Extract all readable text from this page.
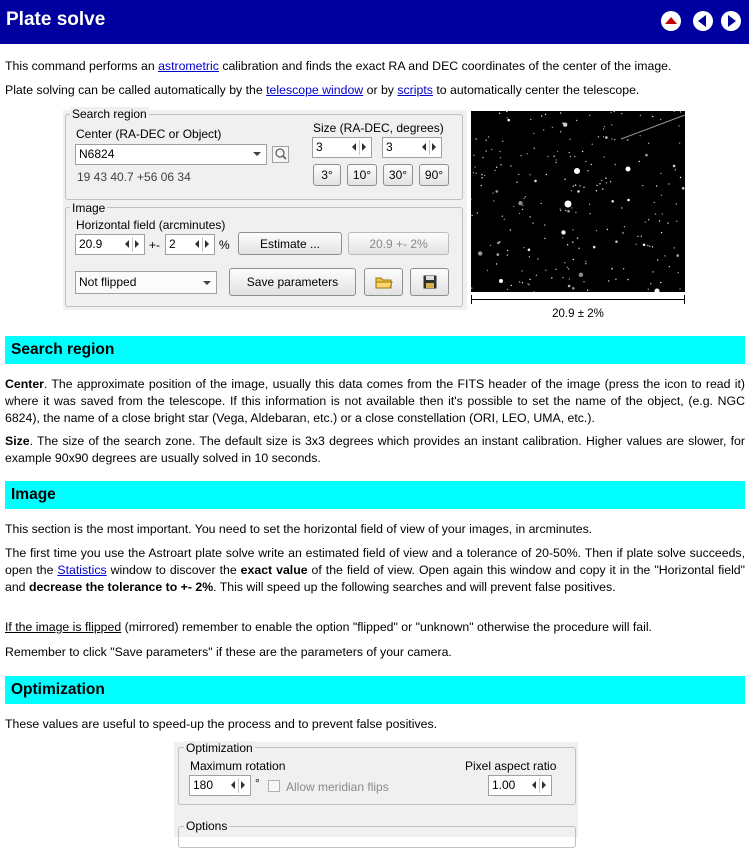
Plate solve

This command performs an astrometric calibration and finds the exact RA and DEC coordinates of the center of the image.

Plate solving can be called automatically by the telescope window or by scripts to automatically center the telescope.

Search region
Center (RA-DEC or Object)
N6824
19 43 40.7 +56 06 34
Size (RA-DEC, degrees)
3	3
3°	10°	30°	90°
Image
Horizontal field (arcminutes)
20.9	+- 2	%	Estimate ...	20.9 +- 2%
Not flipped	Save parameters
20.9 ± 2%
Search region

Center. The approximate position of the image, usually this data comes from the FITS header of the image (press the icon to read it) where it was saved from the telescope. If this information is not available then it's possible to set the name of the object, (e.g. NGC 6824), the name of a close bright star (Vega, Aldebaran, etc.) or a close constellation (ORI, LEO, UMA, etc.).

Size. The size of the search zone. The default size is 3x3 degrees which provides an instant calibration. Higher values are slower, for example 90x90 degrees are usually solved in 10 seconds.

Image

This section is the most important. You need to set the horizontal field of view of your images, in arcminutes.

The first time you use the Astroart plate solve write an estimated field of view and a tolerance of 20-50%. Then if plate solve succeeds, open the Statistics window to discover the exact value of the field of view. Open again this window and copy it in the "Horizontal field" and decrease the tolerance to +- 2%. This will speed up the following searches and will prevent false positives.

If the image is flipped (mirrored) remember to enable the option "flipped" or "unknown" otherwise the procedure will fail.

Remember to click "Save parameters" if these are the parameters of your camera.

Optimization

These values are useful to speed-up the process and to prevent false positives.

Optimization
Maximum rotation
180	° Allow meridian flips
Pixel aspect ratio
1.00
Options
